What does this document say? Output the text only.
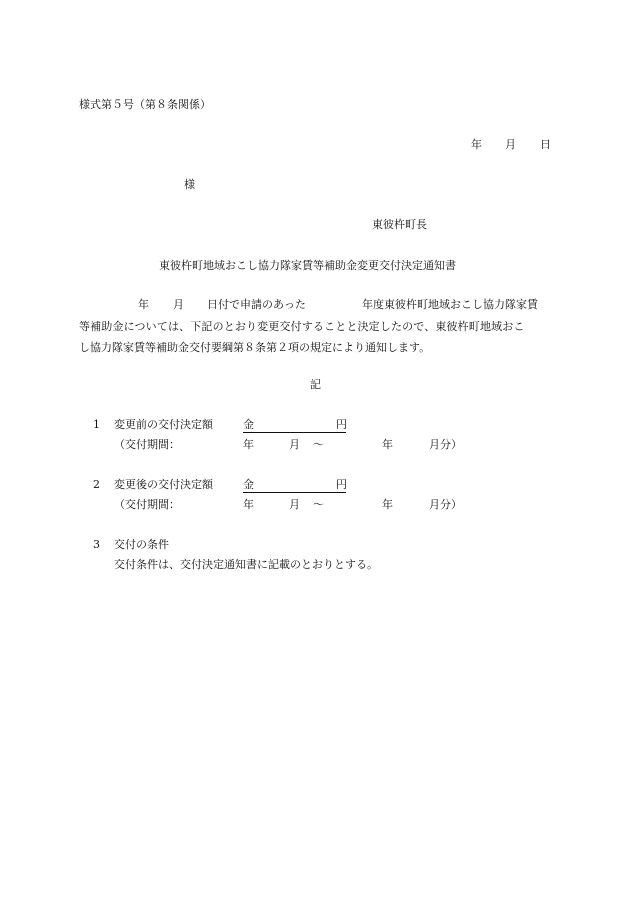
様式第５号（第８条関係）
年 月 日
様
東彼杵町長
東彼杵町地域おこし協力隊家賃等補助金変更交付決定通知書
年 月 日付で申請のあった	年度東彼杵町地域おこし協力隊家賃
等補助金については、下記のとおり変更交付することと決定したので、東彼杵町地域おこ
し協力隊家賃等補助金交付要綱第８条第２項の規定により通知します。
記
1 変更前の交付決定額	金	円
（交付期間：	年	月 ～	年	月分）
2 変更後の交付決定額	金	円
（交付期間：	年	月 ～	年	月分）
3 交付の条件
交付条件は、交付決定通知書に記載のとおりとする。
